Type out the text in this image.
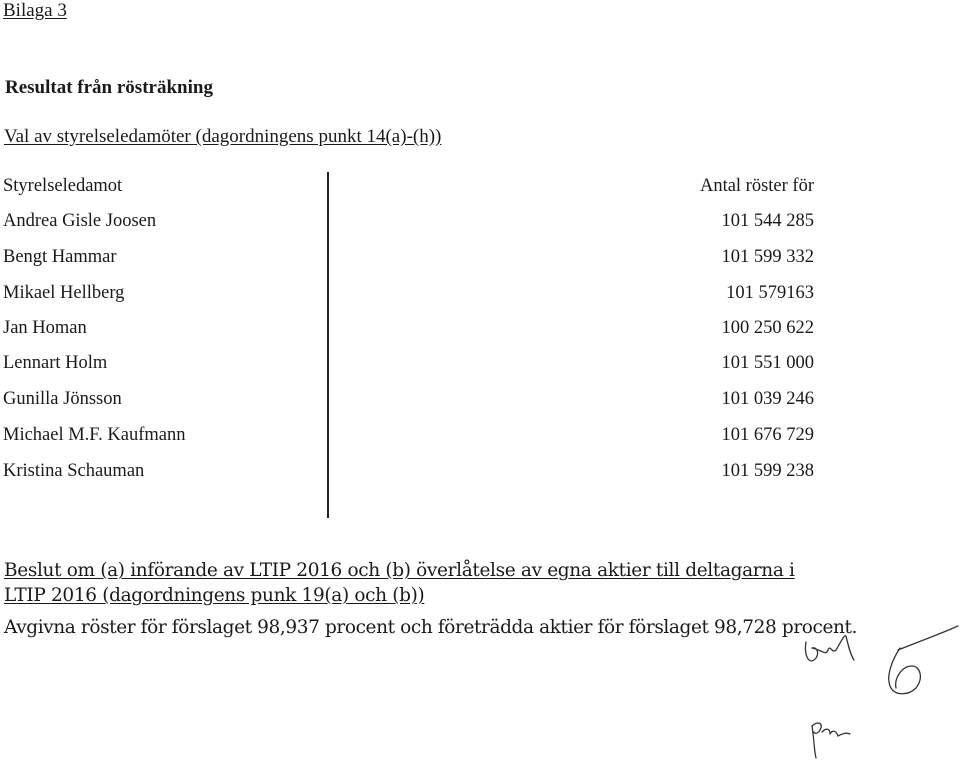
Bilaga 3
Resultat från rösträkning
Val av styrelseledamöter (dagordningens punkt 14(a)-(h))
Styrelseledamot	Antal röster för
Andrea Gisle Joosen	101 544 285
Bengt Hammar	101 599 332
Mikael Hellberg	101 579163
Jan Homan	100 250 622
Lennart Holm	101 551 000
Gunilla Jönsson	101 039 246
Michael M.F. Kaufmann	101 676 729
Kristina Schauman	101 599 238
Beslut om (a) införande av LTIP 2016 och (b) överlåtelse av egna aktier till deltagarna i LTIP 2016 (dagordningens punk 19(a) och (b))
Avgivna röster för förslaget 98,937 procent och företrädda aktier för förslaget 98,728 procent.
